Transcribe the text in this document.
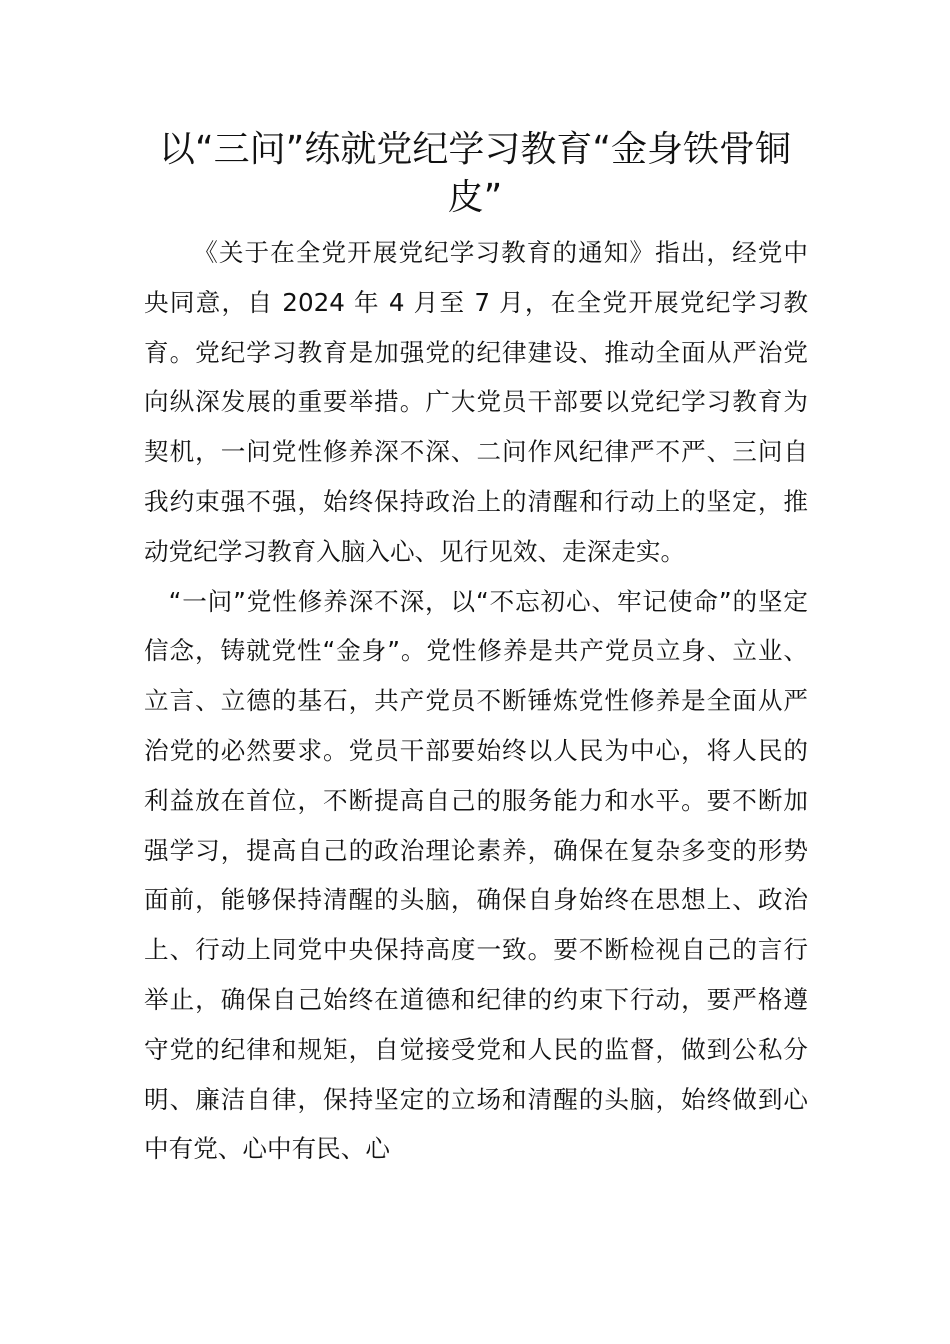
以“三问”练就党纪学习教育“金身铁骨铜皮”

《关于在全党开展党纪学习教育的通知》指出，经党中央同意，自 2024 年 4 月至 7 月，在全党开展党纪学习教育。党纪学习教育是加强党的纪律建设、推动全面从严治党向纵深发展的重要举措。广大党员干部要以党纪学习教育为契机，一问党性修养深不深、二问作风纪律严不严、三问自我约束强不强，始终保持政治上的清醒和行动上的坚定，推动党纪学习教育入脑入心、见行见效、走深走实。

“一问”党性修养深不深，以“不忘初心、牢记使命”的坚定信念，铸就党性“金身”。党性修养是共产党员立身、立业、立言、立德的基石，共产党员不断锤炼党性修养是全面从严治党的必然要求。党员干部要始终以人民为中心，将人民的利益放在首位，不断提高自己的服务能力和水平。要不断加强学习，提高自己的政治理论素养，确保在复杂多变的形势面前，能够保持清醒的头脑，确保自身始终在思想上、政治上、行动上同党中央保持高度一致。要不断检视自己的言行举止，确保自己始终在道德和纪律的约束下行动，要严格遵守党的纪律和规矩，自觉接受党和人民的监督，做到公私分明、廉洁自律，保持坚定的立场和清醒的头脑，始终做到心中有党、心中有民、心
